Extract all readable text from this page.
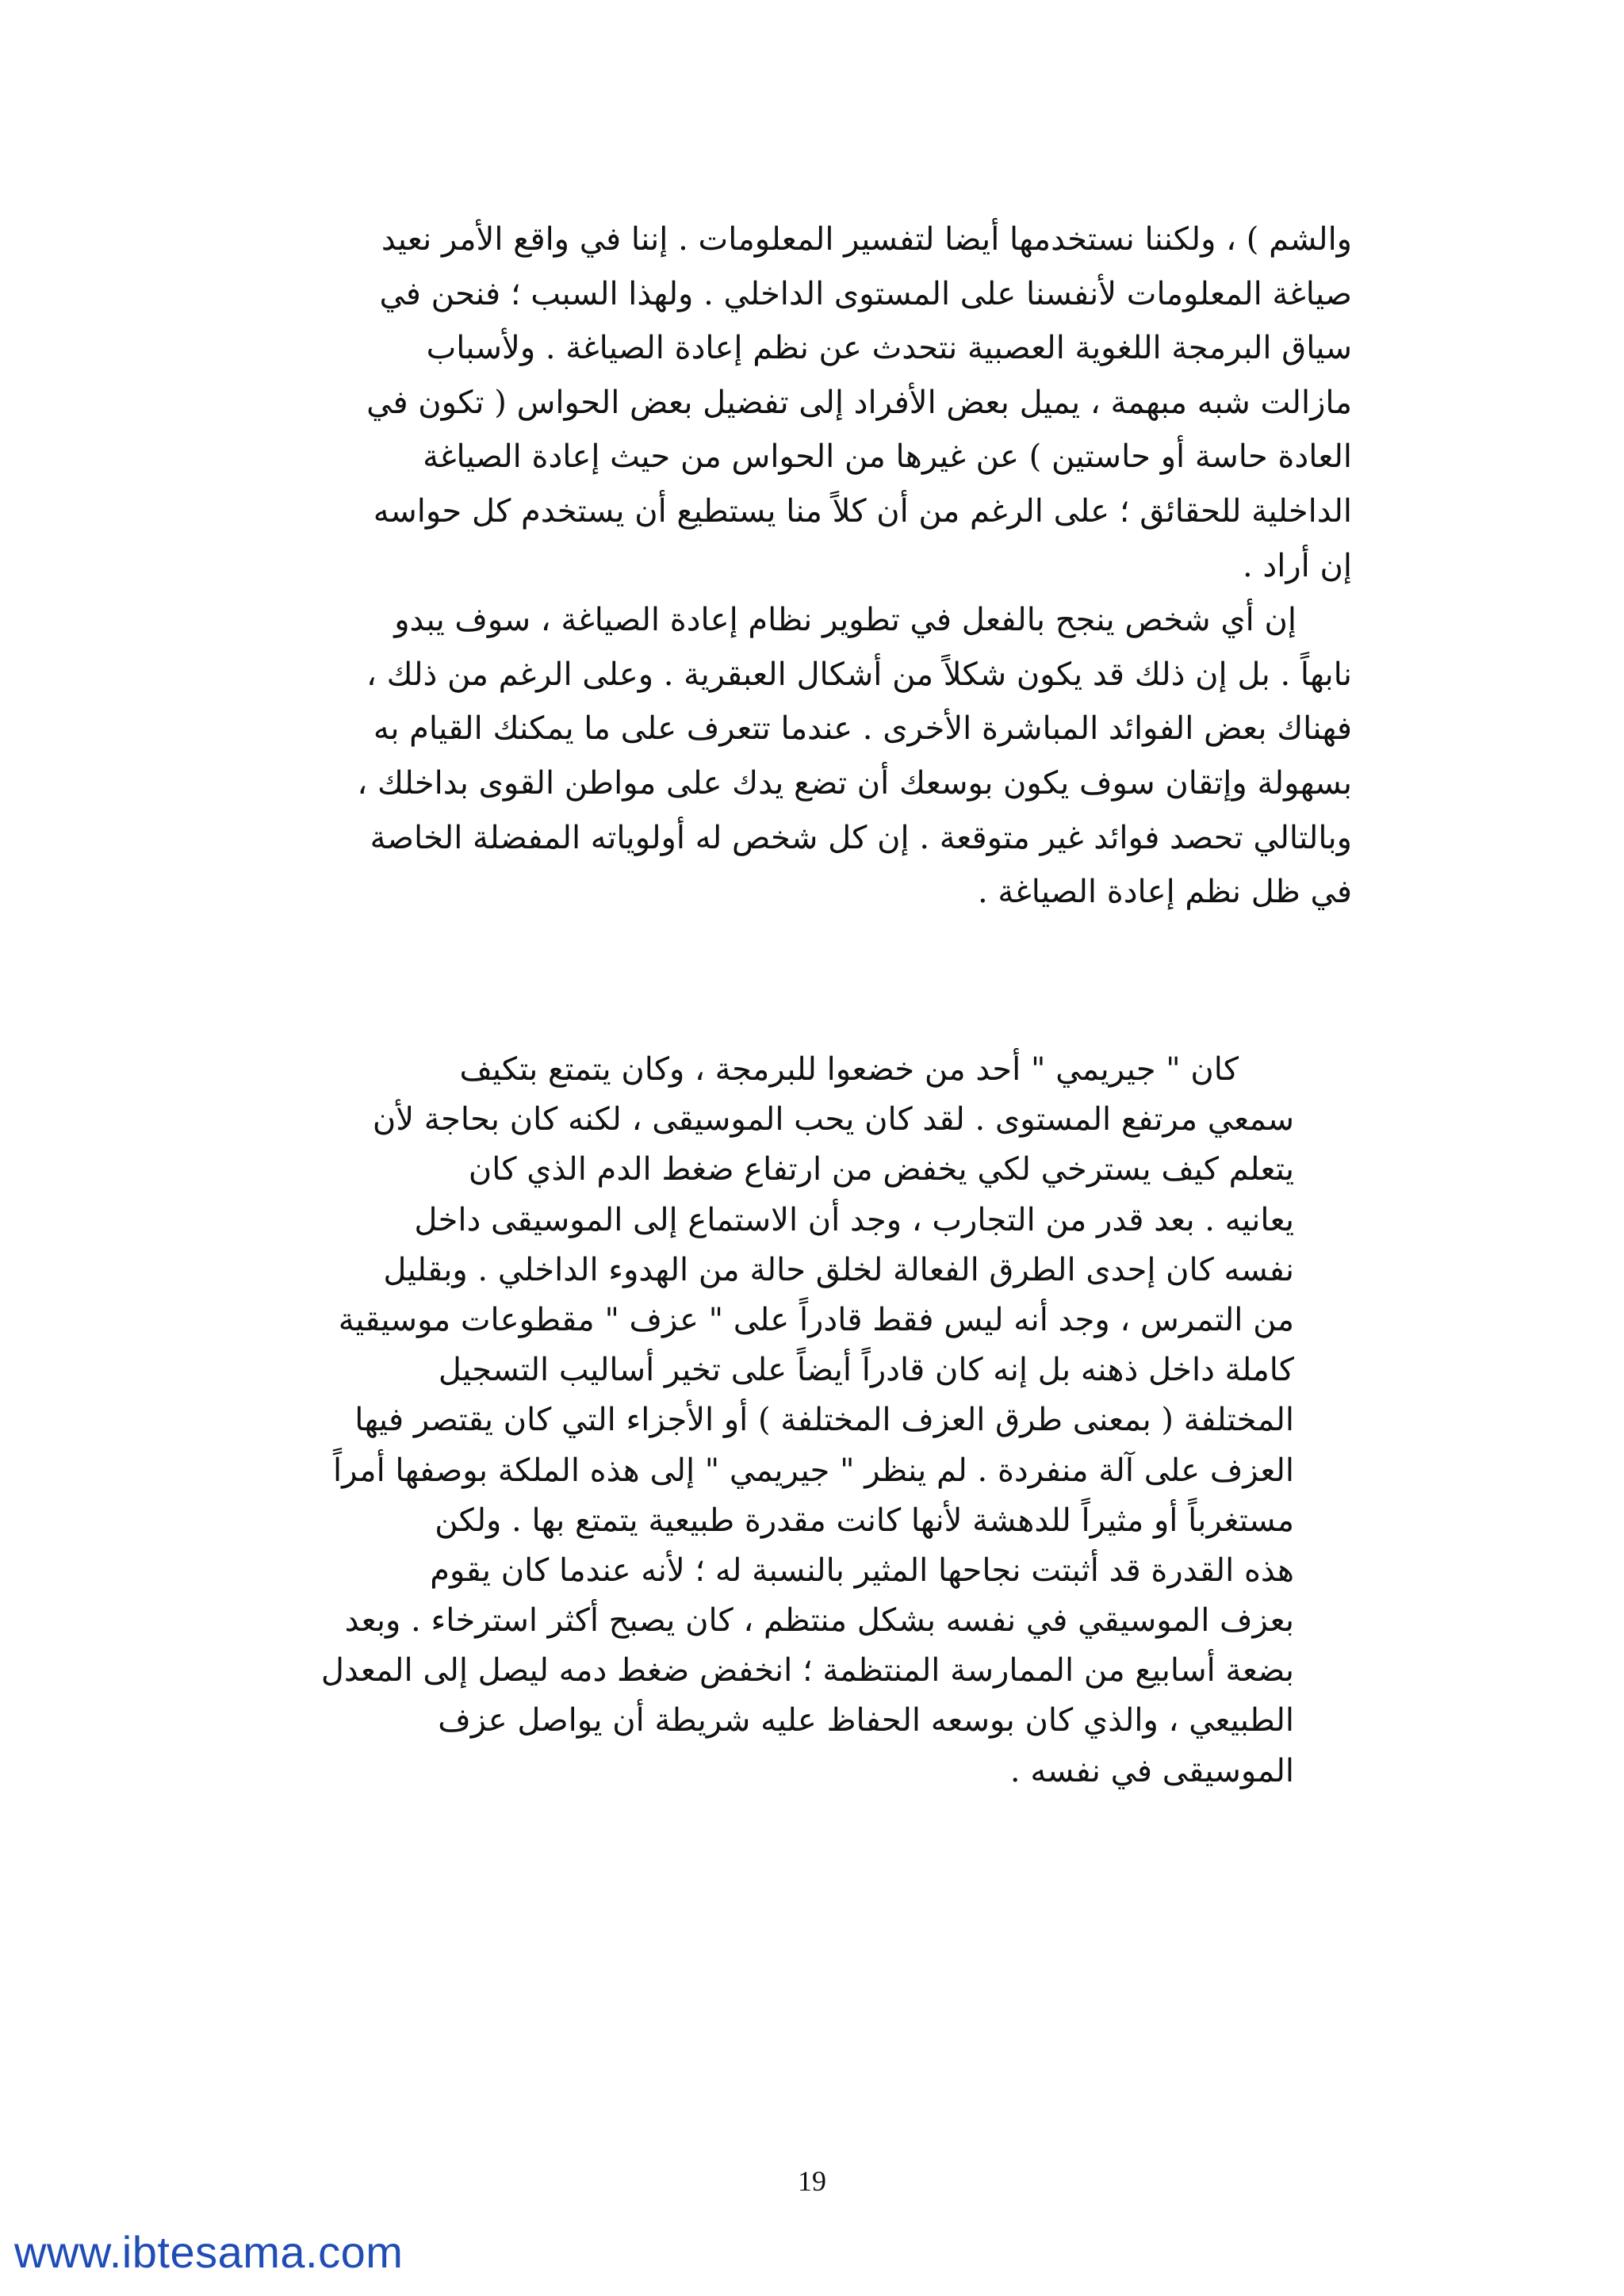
والشم ) ، ولكننا نستخدمها أيضا لتفسير المعلومات . إننا في واقع الأمر نعيد
صياغة المعلومات لأنفسنا على المستوى الداخلي . ولهذا السبب ؛ فنحن في
سياق البرمجة اللغوية العصبية نتحدث عن نظم إعادة الصياغة . ولأسباب
مازالت شبه مبهمة ، يميل بعض الأفراد إلى تفضيل بعض الحواس ( تكون في
العادة حاسة أو حاستين ) عن غيرها من الحواس من حيث إعادة الصياغة
الداخلية للحقائق ؛ على الرغم من أن كلاً منا يستطيع أن يستخدم كل حواسه
إن أراد .
إن أي شخص ينجح بالفعل في تطوير نظام إعادة الصياغة ، سوف يبدو
نابهاً . بل إن ذلك قد يكون شكلاً من أشكال العبقرية . وعلى الرغم من ذلك ،
فهناك بعض الفوائد المباشرة الأخرى . عندما تتعرف على ما يمكنك القيام به
بسهولة وإتقان سوف يكون بوسعك أن تضع يدك على مواطن القوى بداخلك ،
وبالتالي تحصد فوائد غير متوقعة . إن كل شخص له أولوياته المفضلة الخاصة
في ظل نظم إعادة الصياغة .
كان " جيريمي " أحد من خضعوا للبرمجة ، وكان يتمتع بتكيف
سمعي مرتفع المستوى . لقد كان يحب الموسيقى ، لكنه كان بحاجة لأن
يتعلم كيف يسترخي لكي يخفض من ارتفاع ضغط الدم الذي كان
يعانيه . بعد قدر من التجارب ، وجد أن الاستماع إلى الموسيقى داخل
نفسه كان إحدى الطرق الفعالة لخلق حالة من الهدوء الداخلي . وبقليل
من التمرس ، وجد أنه ليس فقط قادراً على " عزف " مقطوعات موسيقية
كاملة داخل ذهنه بل إنه كان قادراً أيضاً على تخير أساليب التسجيل
المختلفة ( بمعنى طرق العزف المختلفة ) أو الأجزاء التي كان يقتصر فيها
العزف على آلة منفردة . لم ينظر " جيريمي " إلى هذه الملكة بوصفها أمراً
مستغرباً أو مثيراً للدهشة لأنها كانت مقدرة طبيعية يتمتع بها . ولكن
هذه القدرة قد أثبتت نجاحها المثير بالنسبة له ؛ لأنه عندما كان يقوم
بعزف الموسيقي في نفسه بشكل منتظم ، كان يصبح أكثر استرخاء . وبعد
بضعة أسابيع من الممارسة المنتظمة ؛ انخفض ضغط دمه ليصل إلى المعدل
الطبيعي ، والذي كان بوسعه الحفاظ عليه شريطة أن يواصل عزف
الموسيقى في نفسه .
19
www.ibtesama.com
